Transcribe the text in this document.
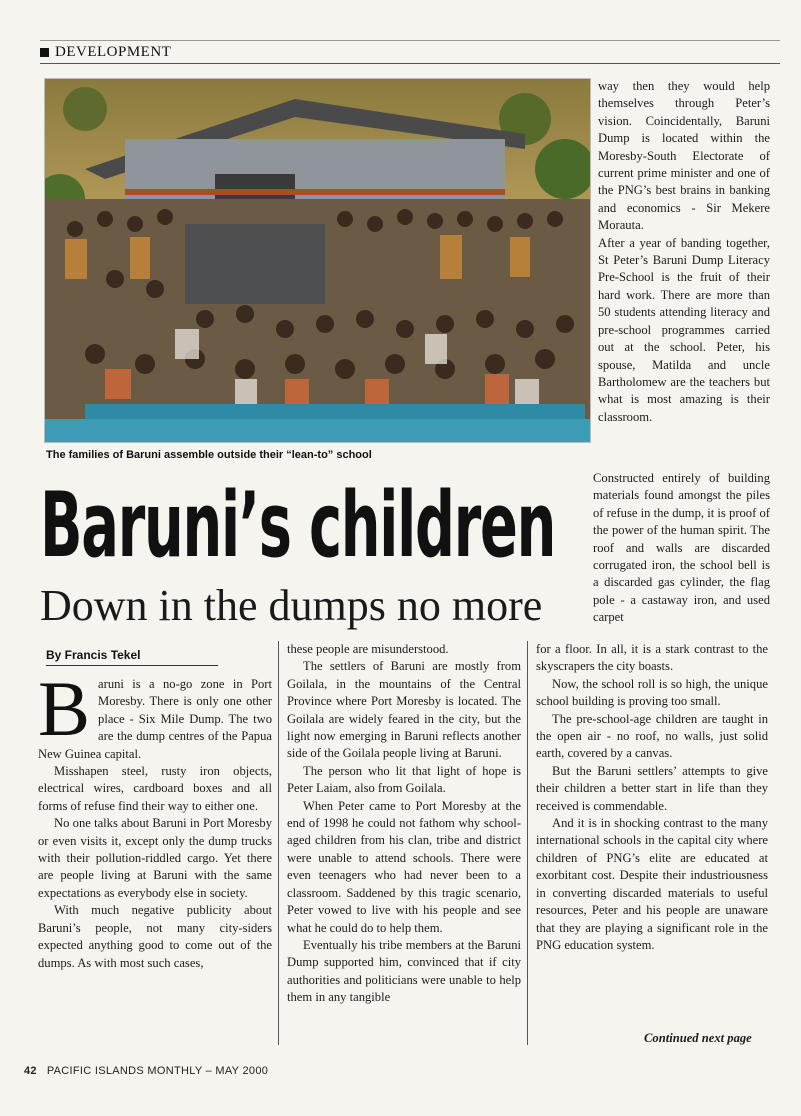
DEVELOPMENT
The families of Baruni assemble outside their “lean-to” school
Baruni’s children
Down in the dumps no more
By Francis Tekel

Baruni is a no-go zone in Port Moresby. There is only one other place - Six Mile Dump. The two are the dump centres of the Papua New Guinea capital.

Misshapen steel, rusty iron objects, electrical wires, cardboard boxes and all forms of refuse find their way to either one.

No one talks about Baruni in Port Moresby or even visits it, except only the dump trucks with their pollution-riddled cargo. Yet there are people living at Baruni with the same expectations as everybody else in society.

With much negative publicity about Baruni’s people, not many city-siders expected anything good to come out of the dumps. As with most such cases,

these people are misunderstood.

The settlers of Baruni are mostly from Goilala, in the mountains of the Central Province where Port Moresby is located. The Goilala are widely feared in the city, but the light now emerging in Baruni reflects another side of the Goilala people living at Baruni.

The person who lit that light of hope is Peter Laiam, also from Goilala.

When Peter came to Port Moresby at the end of 1998 he could not fathom why school-aged children from his clan, tribe and district were unable to attend schools. There were even teenagers who had never been to a classroom. Saddened by this tragic scenario, Peter vowed to live with his people and see what he could do to help them.

Eventually his tribe members at the Baruni Dump supported him, convinced that if city authorities and politicians were unable to help them in any tangible

way then they would help themselves through Peter’s vision. Coincidentally, Baruni Dump is located within the Moresby-South Electorate of current prime minister and one of the PNG’s best brains in banking and economics - Sir Mekere Morauta.

After a year of banding together, St Peter’s Baruni Dump Literacy Pre-School is the fruit of their hard work. There are more than 50 students attending literacy and pre-school programmes carried out at the school. Peter, his spouse, Matilda and uncle Bartholomew are the teachers but what is most amazing is their classroom.

Constructed entirely of building materials found amongst the piles of refuse in the dump, it is proof of the power of the human spirit. The roof and walls are discarded corrugated iron, the school bell is a discarded gas cylinder, the flag pole - a castaway iron, and used carpet

for a floor. In all, it is a stark contrast to the skyscrapers the city boasts.

Now, the school roll is so high, the unique school building is proving too small.

The pre-school-age children are taught in the open air - no roof, no walls, just solid earth, covered by a canvas.

But the Baruni settlers’ attempts to give their children a better start in life than they received is commendable.

And it is in shocking contrast to the many international schools in the capital city where children of PNG’s elite are educated at exorbitant cost. Despite their industriousness in converting discarded materials to useful resources, Peter and his people are unaware that they are playing a significant role in the PNG education system.

Continued next page
42 PACIFIC ISLANDS MONTHLY – MAY 2000
